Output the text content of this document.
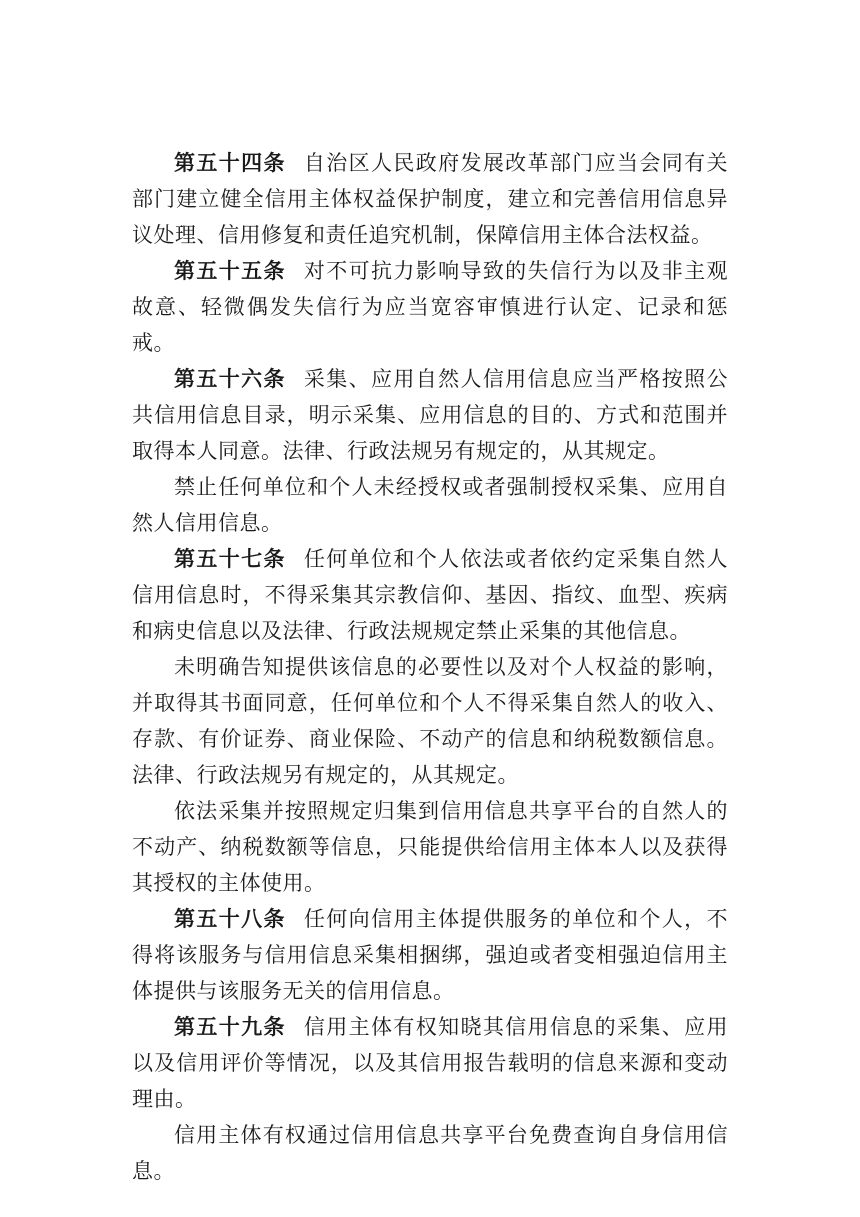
第五十四条 自治区人民政府发展改革部门应当会同有关部门建立健全信用主体权益保护制度，建立和完善信用信息异议处理、信用修复和责任追究机制，保障信用主体合法权益。

第五十五条 对不可抗力影响导致的失信行为以及非主观故意、轻微偶发失信行为应当宽容审慎进行认定、记录和惩戒。

第五十六条 采集、应用自然人信用信息应当严格按照公共信用信息目录，明示采集、应用信息的目的、方式和范围并取得本人同意。法律、行政法规另有规定的，从其规定。

禁止任何单位和个人未经授权或者强制授权采集、应用自然人信用信息。

第五十七条 任何单位和个人依法或者依约定采集自然人信用信息时，不得采集其宗教信仰、基因、指纹、血型、疾病和病史信息以及法律、行政法规规定禁止采集的其他信息。

未明确告知提供该信息的必要性以及对个人权益的影响，并取得其书面同意，任何单位和个人不得采集自然人的收入、存款、有价证券、商业保险、不动产的信息和纳税数额信息。法律、行政法规另有规定的，从其规定。

依法采集并按照规定归集到信用信息共享平台的自然人的不动产、纳税数额等信息，只能提供给信用主体本人以及获得其授权的主体使用。

第五十八条 任何向信用主体提供服务的单位和个人，不得将该服务与信用信息采集相捆绑，强迫或者变相强迫信用主体提供与该服务无关的信用信息。

第五十九条 信用主体有权知晓其信用信息的采集、应用以及信用评价等情况，以及其信用报告载明的信息来源和变动理由。

信用主体有权通过信用信息共享平台免费查询自身信用信息。
